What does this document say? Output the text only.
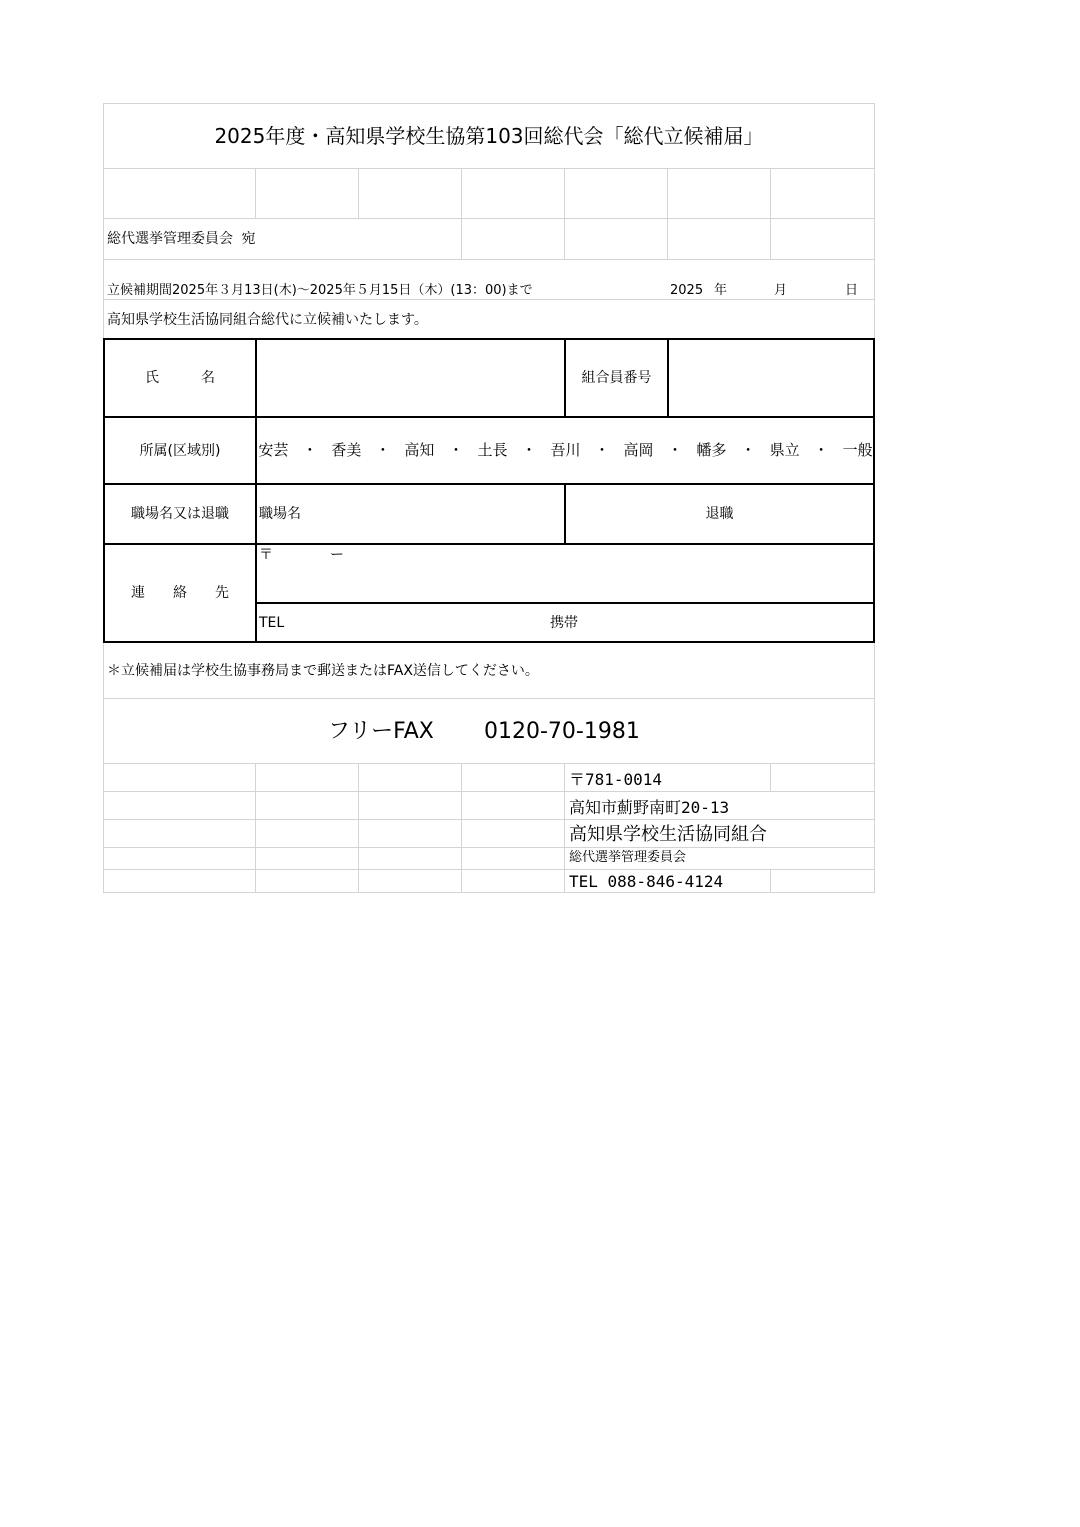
2025年度・高知県学校生協第103回総代会「総代立候補届」
総代選挙管理委員会 宛
立候補期間2025年３月13日(木)～2025年５月15日（木）(13：00)まで	2025 年	月	日
高知県学校生活協同組合総代に立候補いたします。
氏　　　名	組合員番号
所属(区域別)	安芸 ・ 香美 ・ 高知 ・ 土長 ・ 吾川 ・ 高岡 ・ 幡多 ・ 県立 ・ 一般
職場名又は退職	職場名	退職
連　　絡　　先
〒	ー
TEL	携帯
＊立候補届は学校生協事務局まで郵送またはFAX送信してください。
フリーFAX 0120-70-1981
〒781-0014
高知市薊野南町20-13
高知県学校生活協同組合
総代選挙管理委員会
TEL 088-846-4124
